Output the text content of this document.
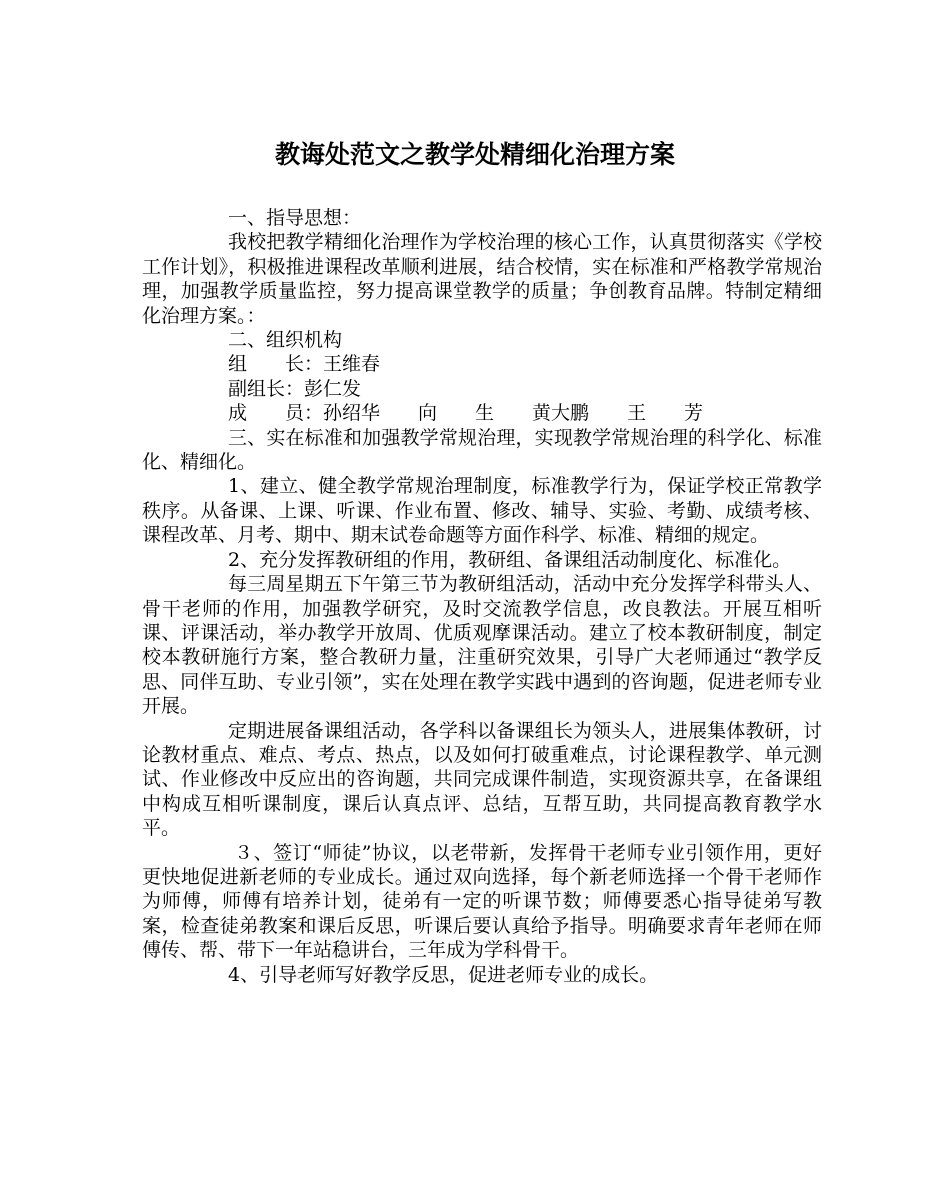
教诲处范文之教学处精细化治理方案

一、指导思想：

我校把教学精细化治理作为学校治理的核心工作，认真贯彻落实《学校工作计划》，积极推进课程改革顺利进展，结合校情，实在标准和严格教学常规治理，加强教学质量监控，努力提高课堂教学的质量；争创教育品牌。特制定精细化治理方案。：

二、组织机构

组　　长：王维春

副组长：彭仁发

成　　员：孙绍华　　向　　生　　黄大鹏　　王　　芳

三、实在标准和加强教学常规治理，实现教学常规治理的科学化、标准化、精细化。

1、建立、健全教学常规治理制度，标准教学行为，保证学校正常教学秩序。从备课、上课、听课、作业布置、修改、辅导、实验、考勤、成绩考核、课程改革、月考、期中、期末试卷命题等方面作科学、标准、精细的规定。

2、充分发挥教研组的作用，教研组、备课组活动制度化、标准化。

每三周星期五下午第三节为教研组活动，活动中充分发挥学科带头人、骨干老师的作用，加强教学研究，及时交流教学信息，改良教法。开展互相听课、评课活动，举办教学开放周、优质观摩课活动。建立了校本教研制度，制定校本教研施行方案，整合教研力量，注重研究效果，引导广大老师通过“教学反思、同伴互助、专业引领”，实在处理在教学实践中遇到的咨询题，促进老师专业开展。

定期进展备课组活动，各学科以备课组长为领头人，进展集体教研，讨论教材重点、难点、考点、热点，以及如何打破重难点，讨论课程教学、单元测试、作业修改中反应出的咨询题，共同完成课件制造，实现资源共享，在备课组中构成互相听课制度，课后认真点评、总结，互帮互助，共同提高教育教学水平。

３、签订“师徒”协议，以老带新，发挥骨干老师专业引领作用，更好更快地促进新老师的专业成长。通过双向选择，每个新老师选择一个骨干老师作为师傅，师傅有培养计划，徒弟有一定的听课节数；师傅要悉心指导徒弟写教案，检查徒弟教案和课后反思，听课后要认真给予指导。明确要求青年老师在师傅传、帮、带下一年站稳讲台，三年成为学科骨干。

4、引导老师写好教学反思，促进老师专业的成长。
